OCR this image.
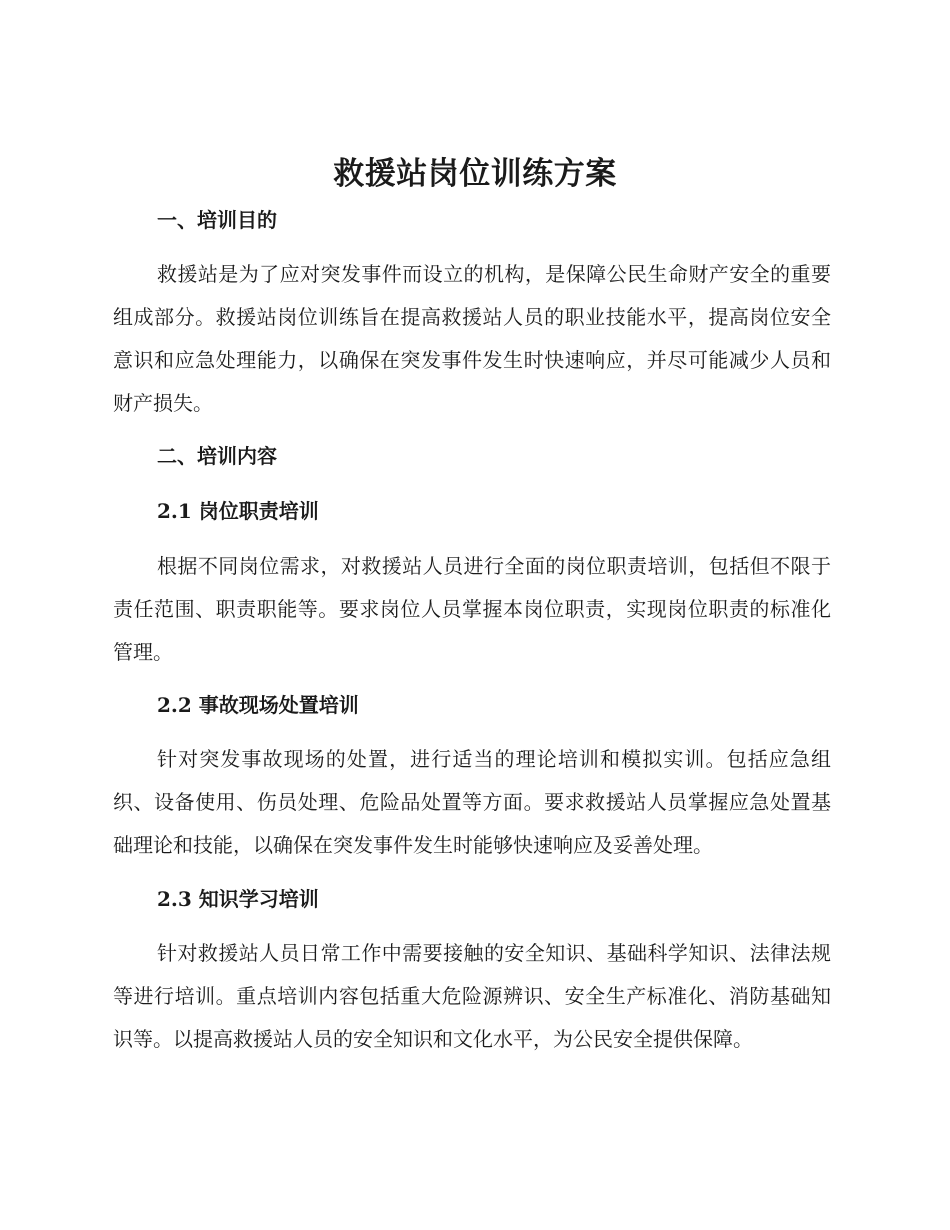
救援站岗位训练方案
一、培训目的

救援站是为了应对突发事件而设立的机构，是保障公民生命财产安全的重要组成部分。救援站岗位训练旨在提高救援站人员的职业技能水平，提高岗位安全意识和应急处理能力，以确保在突发事件发生时快速响应，并尽可能减少人员和财产损失。

二、培训内容
2.1 岗位职责培训

根据不同岗位需求，对救援站人员进行全面的岗位职责培训，包括但不限于责任范围、职责职能等。要求岗位人员掌握本岗位职责，实现岗位职责的标准化管理。

2.2 事故现场处置培训

针对突发事故现场的处置，进行适当的理论培训和模拟实训。包括应急组织、设备使用、伤员处理、危险品处置等方面。要求救援站人员掌握应急处置基础理论和技能，以确保在突发事件发生时能够快速响应及妥善处理。

2.3 知识学习培训

针对救援站人员日常工作中需要接触的安全知识、基础科学知识、法律法规等进行培训。重点培训内容包括重大危险源辨识、安全生产标准化、消防基础知识等。以提高救援站人员的安全知识和文化水平，为公民安全提供保障。
